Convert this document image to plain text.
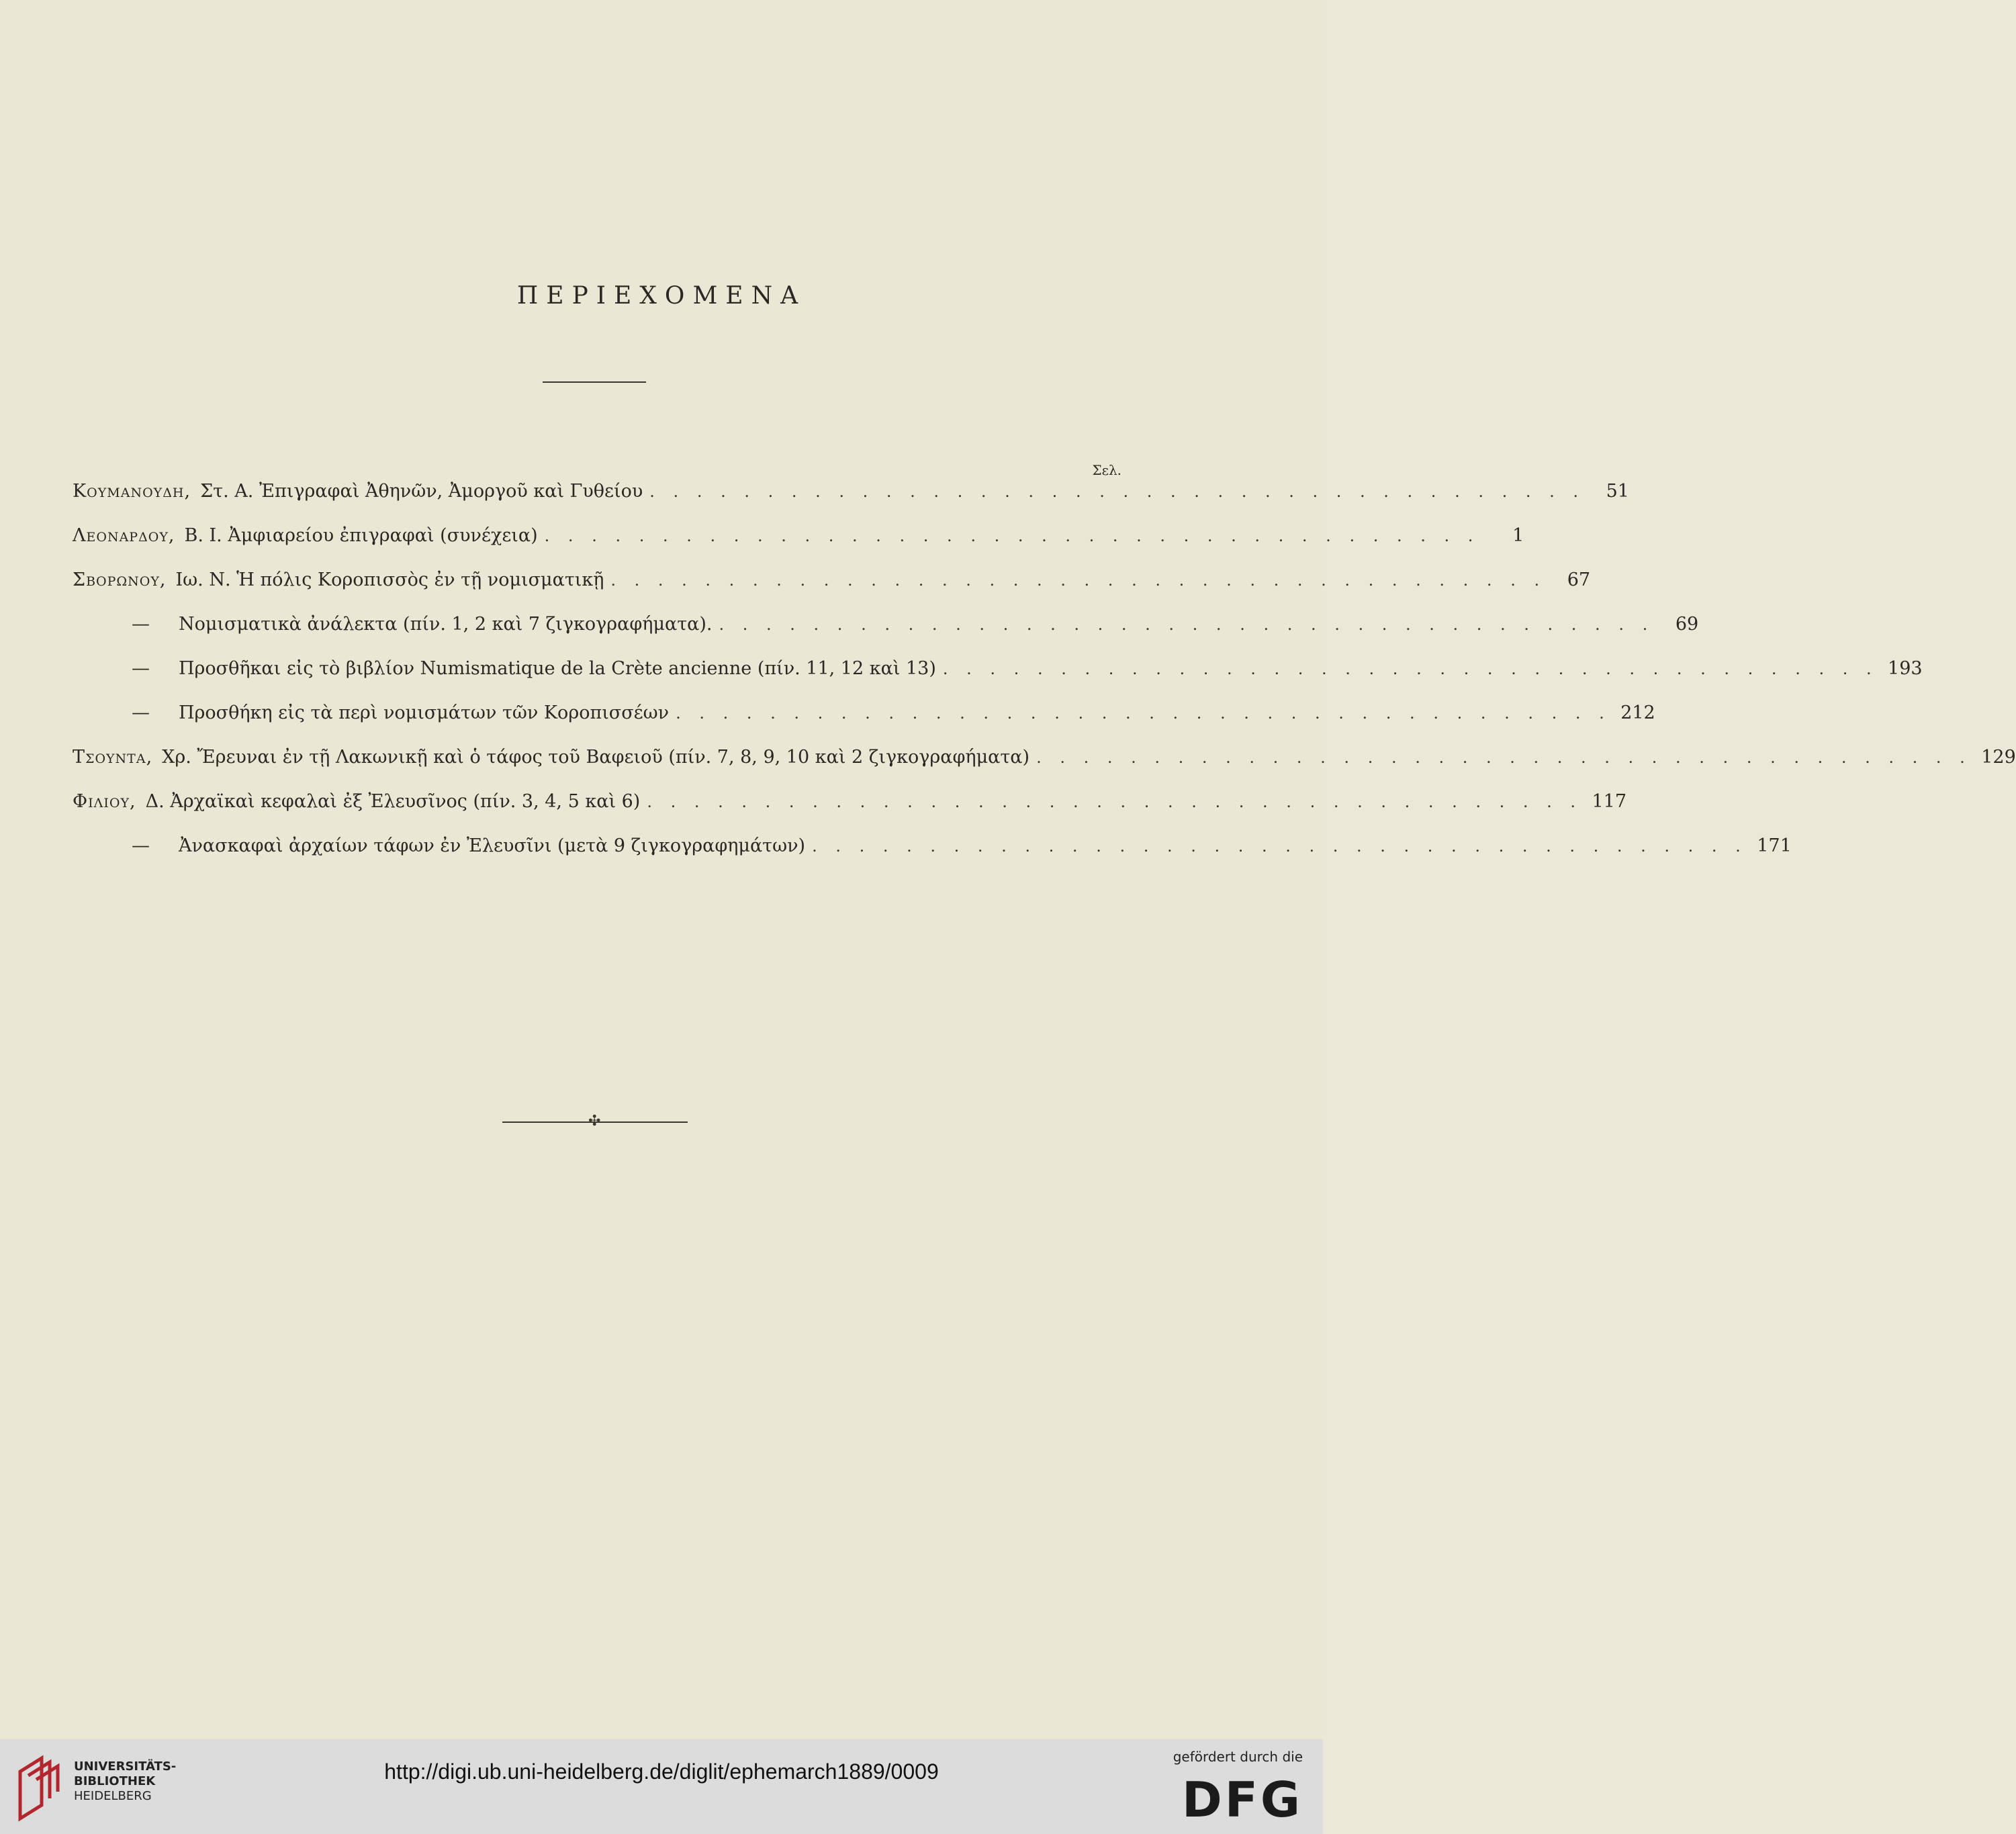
ΠΕΡΙΕΧΟΜΕΝΑ
Σελ.
Κουμανουδη, Στ. Α. Ἐπιγραφαὶ Ἀθηνῶν, Ἀμοργοῦ καὶ Γυθείου . . . . . . . . . . . . . . . . . . . . . . . . . . . . . . . . . . . . . . . .	51
Λεοναρδου, Β. Ι. Ἀμφιαρείου ἐπιγραφαὶ (συνέχεια) . . . . . . . . . . . . . . . . . . . . . . . . . . . . . . . . . . . . . . . .	1
Σβορωνου, Ιω. Ν. Ἡ πόλις Κοροπισσὸς ἐν τῇ νομισματικῇ . . . . . . . . . . . . . . . . . . . . . . . . . . . . . . . . . . . . . . . .	67
—	Νομισματικὰ ἀνάλεκτα (πίν. 1, 2 καὶ 7 ζιγκογραφήματα). . . . . . . . . . . . . . . . . . . . . . . . . . . . . . . . . . . . . . . . .	69
—	Προσθῆκαι εἰς τὸ βιβλίον Numismatique de la Crète ancienne (πίν. 11, 12 καὶ 13) . . . . . . . . . . . . . . . . . . . . . . . . . . . . . . . . . . . . . . . . 193
—	Προσθήκη εἰς τὰ περὶ νομισμάτων τῶν Κοροπισσέων . . . . . . . . . . . . . . . . . . . . . . . . . . . . . . . . . . . . . . . . 212
Τσουντα, Χρ. Ἔρευναι ἐν τῇ Λακωνικῇ καὶ ὁ τάφος τοῦ Βαφειοῦ (πίν. 7, 8, 9, 10 καὶ 2 ζιγκογραφήματα) . . . . . . . . . . . . . . . . . . . . . . . . . . . . . . . . . . . . . . . . 129
Φιλιου, Δ. Ἀρχαϊκαὶ κεφαλαὶ ἐξ Ἐλευσῖνος (πίν. 3, 4, 5 καὶ 6) . . . . . . . . . . . . . . . . . . . . . . . . . . . . . . . . . . . . . . . . 117
—	Ἀνασκαφαὶ ἀρχαίων τάφων ἐν Ἐλευσῖνι (μετὰ 9 ζιγκογραφημάτων) . . . . . . . . . . . . . . . . . . . . . . . . . . . . . . . . . . . . . . . . 171
✣
UNIVERSITÄTS-
BIBLIOTHEK
HEIDELBERG
http://digi.ub.uni-heidelberg.de/diglit/ephemarch1889/0009
gefördert durch die
DFG
